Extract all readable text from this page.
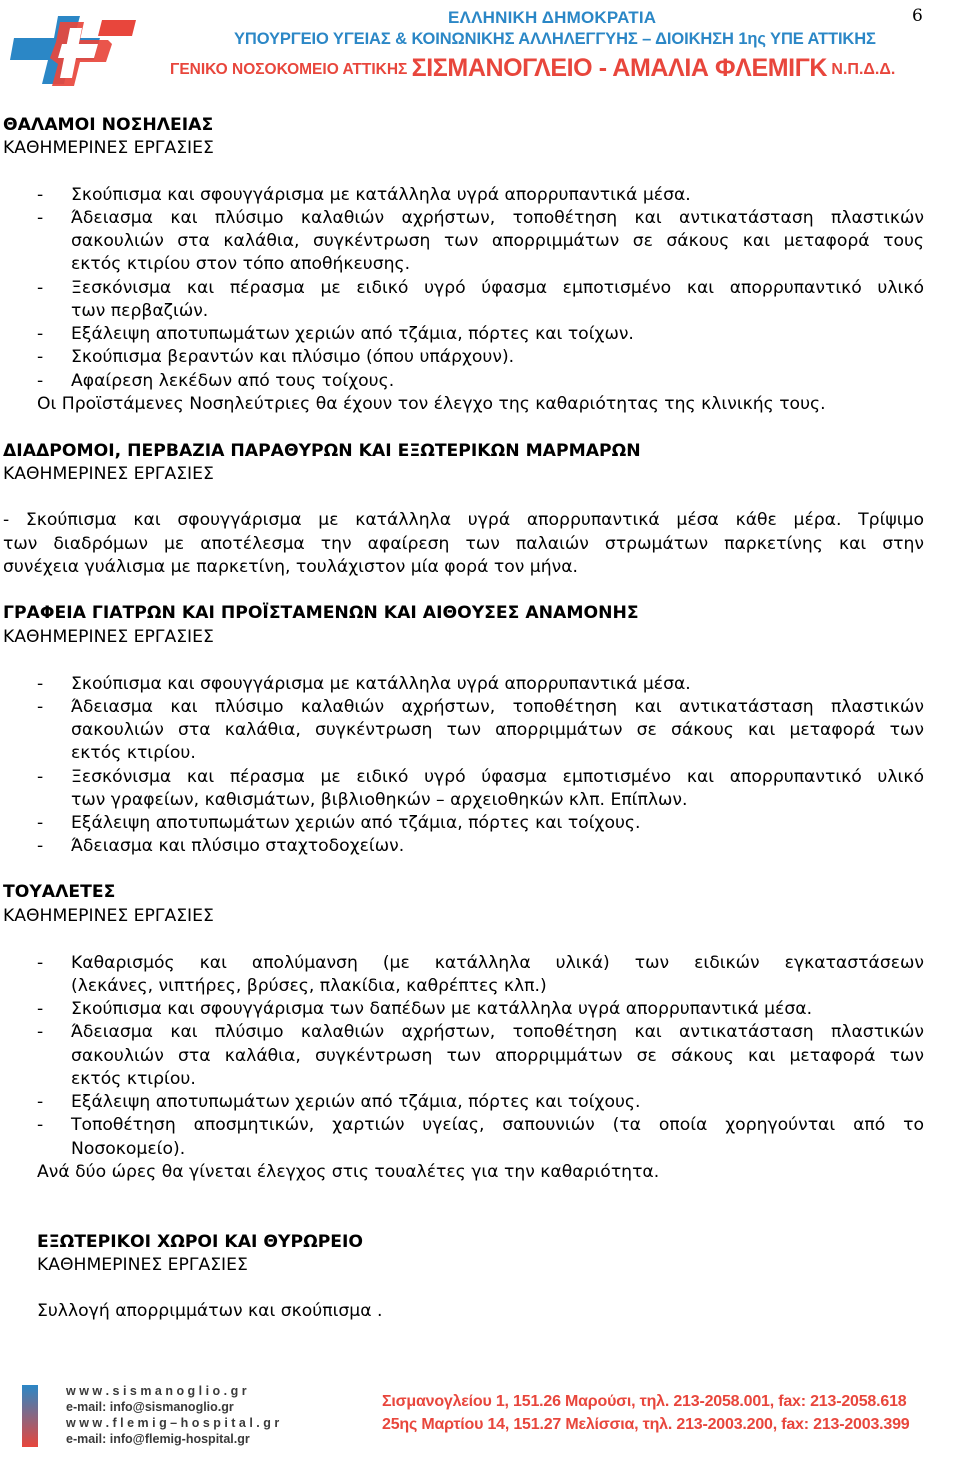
6
ΕΛΛΗΝΙΚΗ ΔΗΜΟΚΡΑΤΙΑ
ΥΠΟΥΡΓΕΙΟ ΥΓΕΙΑΣ & ΚΟΙΝΩΝΙΚΗΣ ΑΛΛΗΛΕΓΓΥΗΣ – ΔΙΟΙΚΗΣΗ 1ης ΥΠΕ ΑΤΤΙΚΗΣ
ΓΕΝΙΚΟ ΝΟΣΟΚΟΜΕΙΟ ΑΤΤΙΚΗΣ ΣΙΣΜΑΝΟΓΛΕΙΟ - ΑΜΑΛΙΑ ΦΛΕΜΙΓΚ Ν.Π.Δ.Δ.
ΘΑΛΑΜΟΙ ΝΟΣΗΛΕΙΑΣ
ΚΑΘΗΜΕΡΙΝΕΣ ΕΡΓΑΣΙΕΣ
- Σκούπισμα και σφουγγάρισμα με κατάλληλα υγρά απορρυπαντικά μέσα.
- Άδειασμα και πλύσιμο καλαθιών αχρήστων, τοποθέτηση και αντικατάσταση πλαστικών
σακουλιών στα καλάθια, συγκέντρωση των απορριμμάτων σε σάκους και μεταφορά τους
εκτός κτιρίου στον τόπο αποθήκευσης.
- Ξεσκόνισμα και πέρασμα με ειδικό υγρό ύφασμα εμποτισμένο και απορρυπαντικό υλικό
των περβαζιών.
- Εξάλειψη αποτυπωμάτων χεριών από τζάμια, πόρτες και τοίχων.
- Σκούπισμα βεραντών και πλύσιμο (όπου υπάρχουν).
- Αφαίρεση λεκέδων από τους τοίχους.
Οι Προϊστάμενες Νοσηλεύτριες θα έχουν τον έλεγχο της καθαριότητας της κλινικής τους.
ΔΙΑΔΡΟΜΟΙ, ΠΕΡΒΑΖΙΑ ΠΑΡΑΘΥΡΩΝ ΚΑΙ ΕΞΩΤΕΡΙΚΩΝ ΜΑΡΜΑΡΩΝ
ΚΑΘΗΜΕΡΙΝΕΣ ΕΡΓΑΣΙΕΣ
- Σκούπισμα και σφουγγάρισμα με κατάλληλα υγρά απορρυπαντικά μέσα κάθε μέρα. Τρίψιμο
των διαδρόμων με αποτέλεσμα την αφαίρεση των παλαιών στρωμάτων παρκετίνης και στην
συνέχεια γυάλισμα με παρκετίνη, τουλάχιστον μία φορά τον μήνα.
ΓΡΑΦΕΙΑ ΓΙΑΤΡΩΝ ΚΑΙ ΠΡΟΪΣΤΑΜΕΝΩΝ ΚΑΙ ΑΙΘΟΥΣΕΣ ΑΝΑΜΟΝΗΣ
ΚΑΘΗΜΕΡΙΝΕΣ ΕΡΓΑΣΙΕΣ
- Σκούπισμα και σφουγγάρισμα με κατάλληλα υγρά απορρυπαντικά μέσα.
- Άδειασμα και πλύσιμο καλαθιών αχρήστων, τοποθέτηση και αντικατάσταση πλαστικών
σακουλιών στα καλάθια, συγκέντρωση των απορριμμάτων σε σάκους και μεταφορά των
εκτός κτιρίου.
- Ξεσκόνισμα και πέρασμα με ειδικό υγρό ύφασμα εμποτισμένο και απορρυπαντικό υλικό
των γραφείων, καθισμάτων, βιβλιοθηκών – αρχειοθηκών κλπ. Επίπλων.
- Εξάλειψη αποτυπωμάτων χεριών από τζάμια, πόρτες και τοίχους.
- Άδειασμα και πλύσιμο σταχτοδοχείων.
ΤΟΥΑΛΕΤΕΣ
ΚΑΘΗΜΕΡΙΝΕΣ ΕΡΓΑΣΙΕΣ
- Καθαρισμός και απολύμανση (με κατάλληλα υλικά) των ειδικών εγκαταστάσεων
(λεκάνες, νιπτήρες, βρύσες, πλακίδια, καθρέπτες κλπ.)
- Σκούπισμα και σφουγγάρισμα των δαπέδων με κατάλληλα υγρά απορρυπαντικά μέσα.
- Άδειασμα και πλύσιμο καλαθιών αχρήστων, τοποθέτηση και αντικατάσταση πλαστικών
σακουλιών στα καλάθια, συγκέντρωση των απορριμμάτων σε σάκους και μεταφορά των
εκτός κτιρίου.
- Εξάλειψη αποτυπωμάτων χεριών από τζάμια, πόρτες και τοίχους.
- Τοποθέτηση αποσμητικών, χαρτιών υγείας, σαπουνιών (τα οποία χορηγούνται από το
Νοσοκομείο).
Ανά δύο ώρες θα γίνεται έλεγχος στις τουαλέτες για την καθαριότητα.
ΕΞΩΤΕΡΙΚΟΙ ΧΩΡΟΙ ΚΑΙ ΘΥΡΩΡΕΙΟ
ΚΑΘΗΜΕΡΙΝΕΣ ΕΡΓΑΣΙΕΣ
Συλλογή απορριμμάτων και σκούπισμα .
w w w . s i s m a n o g l i o . g r
e-mail: info@sismanoglio.gr
w w w . f l e m i g – h o s p i t a l . g r
e-mail: info@flemig-hospital.gr
Σισμανογλείου 1, 151.26 Μαρούσι, τηλ. 213-2058.001, fax: 213-2058.618
25ης Μαρτίου 14, 151.27 Μελίσσια, τηλ. 213-2003.200, fax: 213-2003.399
